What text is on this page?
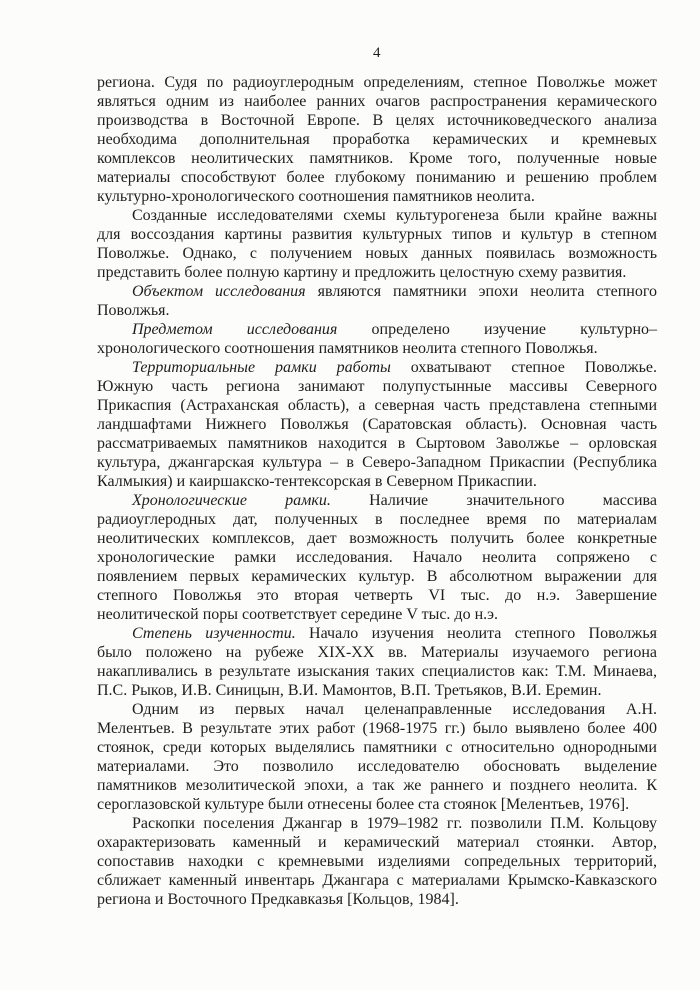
4
региона. Судя по радиоуглеродным определениям, степное Поволжье может
являться одним из наиболее ранних очагов распространения керамического
производства в Восточной Европе. В целях источниковедческого анализа
необходима дополнительная проработка керамических и кремневых
комплексов неолитических памятников. Кроме того, полученные новые
материалы способствуют более глубокому пониманию и решению проблем
культурно-хронологического соотношения памятников неолита.
Созданные исследователями схемы культурогенеза были крайне важны
для воссоздания картины развития культурных типов и культур в степном
Поволжье. Однако, с получением новых данных появилась возможность
представить более полную картину и предложить целостную схему развития.
Объектом исследования являются памятники эпохи неолита степного
Поволжья.
Предметом исследования определено изучение культурно–
хронологического соотношения памятников неолита степного Поволжья.
Территориальные рамки работы охватывают степное Поволжье.
Южную часть региона занимают полупустынные массивы Северного
Прикаспия (Астраханская область), а северная часть представлена степными
ландшафтами Нижнего Поволжья (Саратовская область). Основная часть
рассматриваемых памятников находится в Сыртовом Заволжье – орловская
культура, джангарская культура – в Северо-Западном Прикаспии (Республика
Калмыкия) и каиршакско-тентексорская в Северном Прикаспии.
Хронологические рамки. Наличие значительного массива
радиоуглеродных дат, полученных в последнее время по материалам
неолитических комплексов, дает возможность получить более конкретные
хронологические рамки исследования. Начало неолита сопряжено с
появлением первых керамических культур. В абсолютном выражении для
степного Поволжья это вторая четверть VI тыс. до н.э. Завершение
неолитической поры соответствует середине V тыс. до н.э.
Степень изученности. Начало изучения неолита степного Поволжья
было положено на рубеже XIX-XX вв. Материалы изучаемого региона
накапливались в результате изыскания таких специалистов как: Т.М. Минаева,
П.С. Рыков, И.В. Синицын, В.И. Мамонтов, В.П. Третьяков, В.И. Еремин.
Одним из первых начал целенаправленные исследования А.Н.
Мелентьев. В результате этих работ (1968-1975 гг.) было выявлено более 400
стоянок, среди которых выделялись памятники с относительно однородными
материалами. Это позволило исследователю обосновать выделение
памятников мезолитической эпохи, а так же раннего и позднего неолита. К
сероглазовской культуре были отнесены более ста стоянок [Мелентьев, 1976].
Раскопки поселения Джангар в 1979–1982 гг. позволили П.М. Кольцову
охарактеризовать каменный и керамический материал стоянки. Автор,
сопоставив находки с кремневыми изделиями сопредельных территорий,
сближает каменный инвентарь Джангара с материалами Крымско-Кавказского
региона и Восточного Предкавказья [Кольцов, 1984].
